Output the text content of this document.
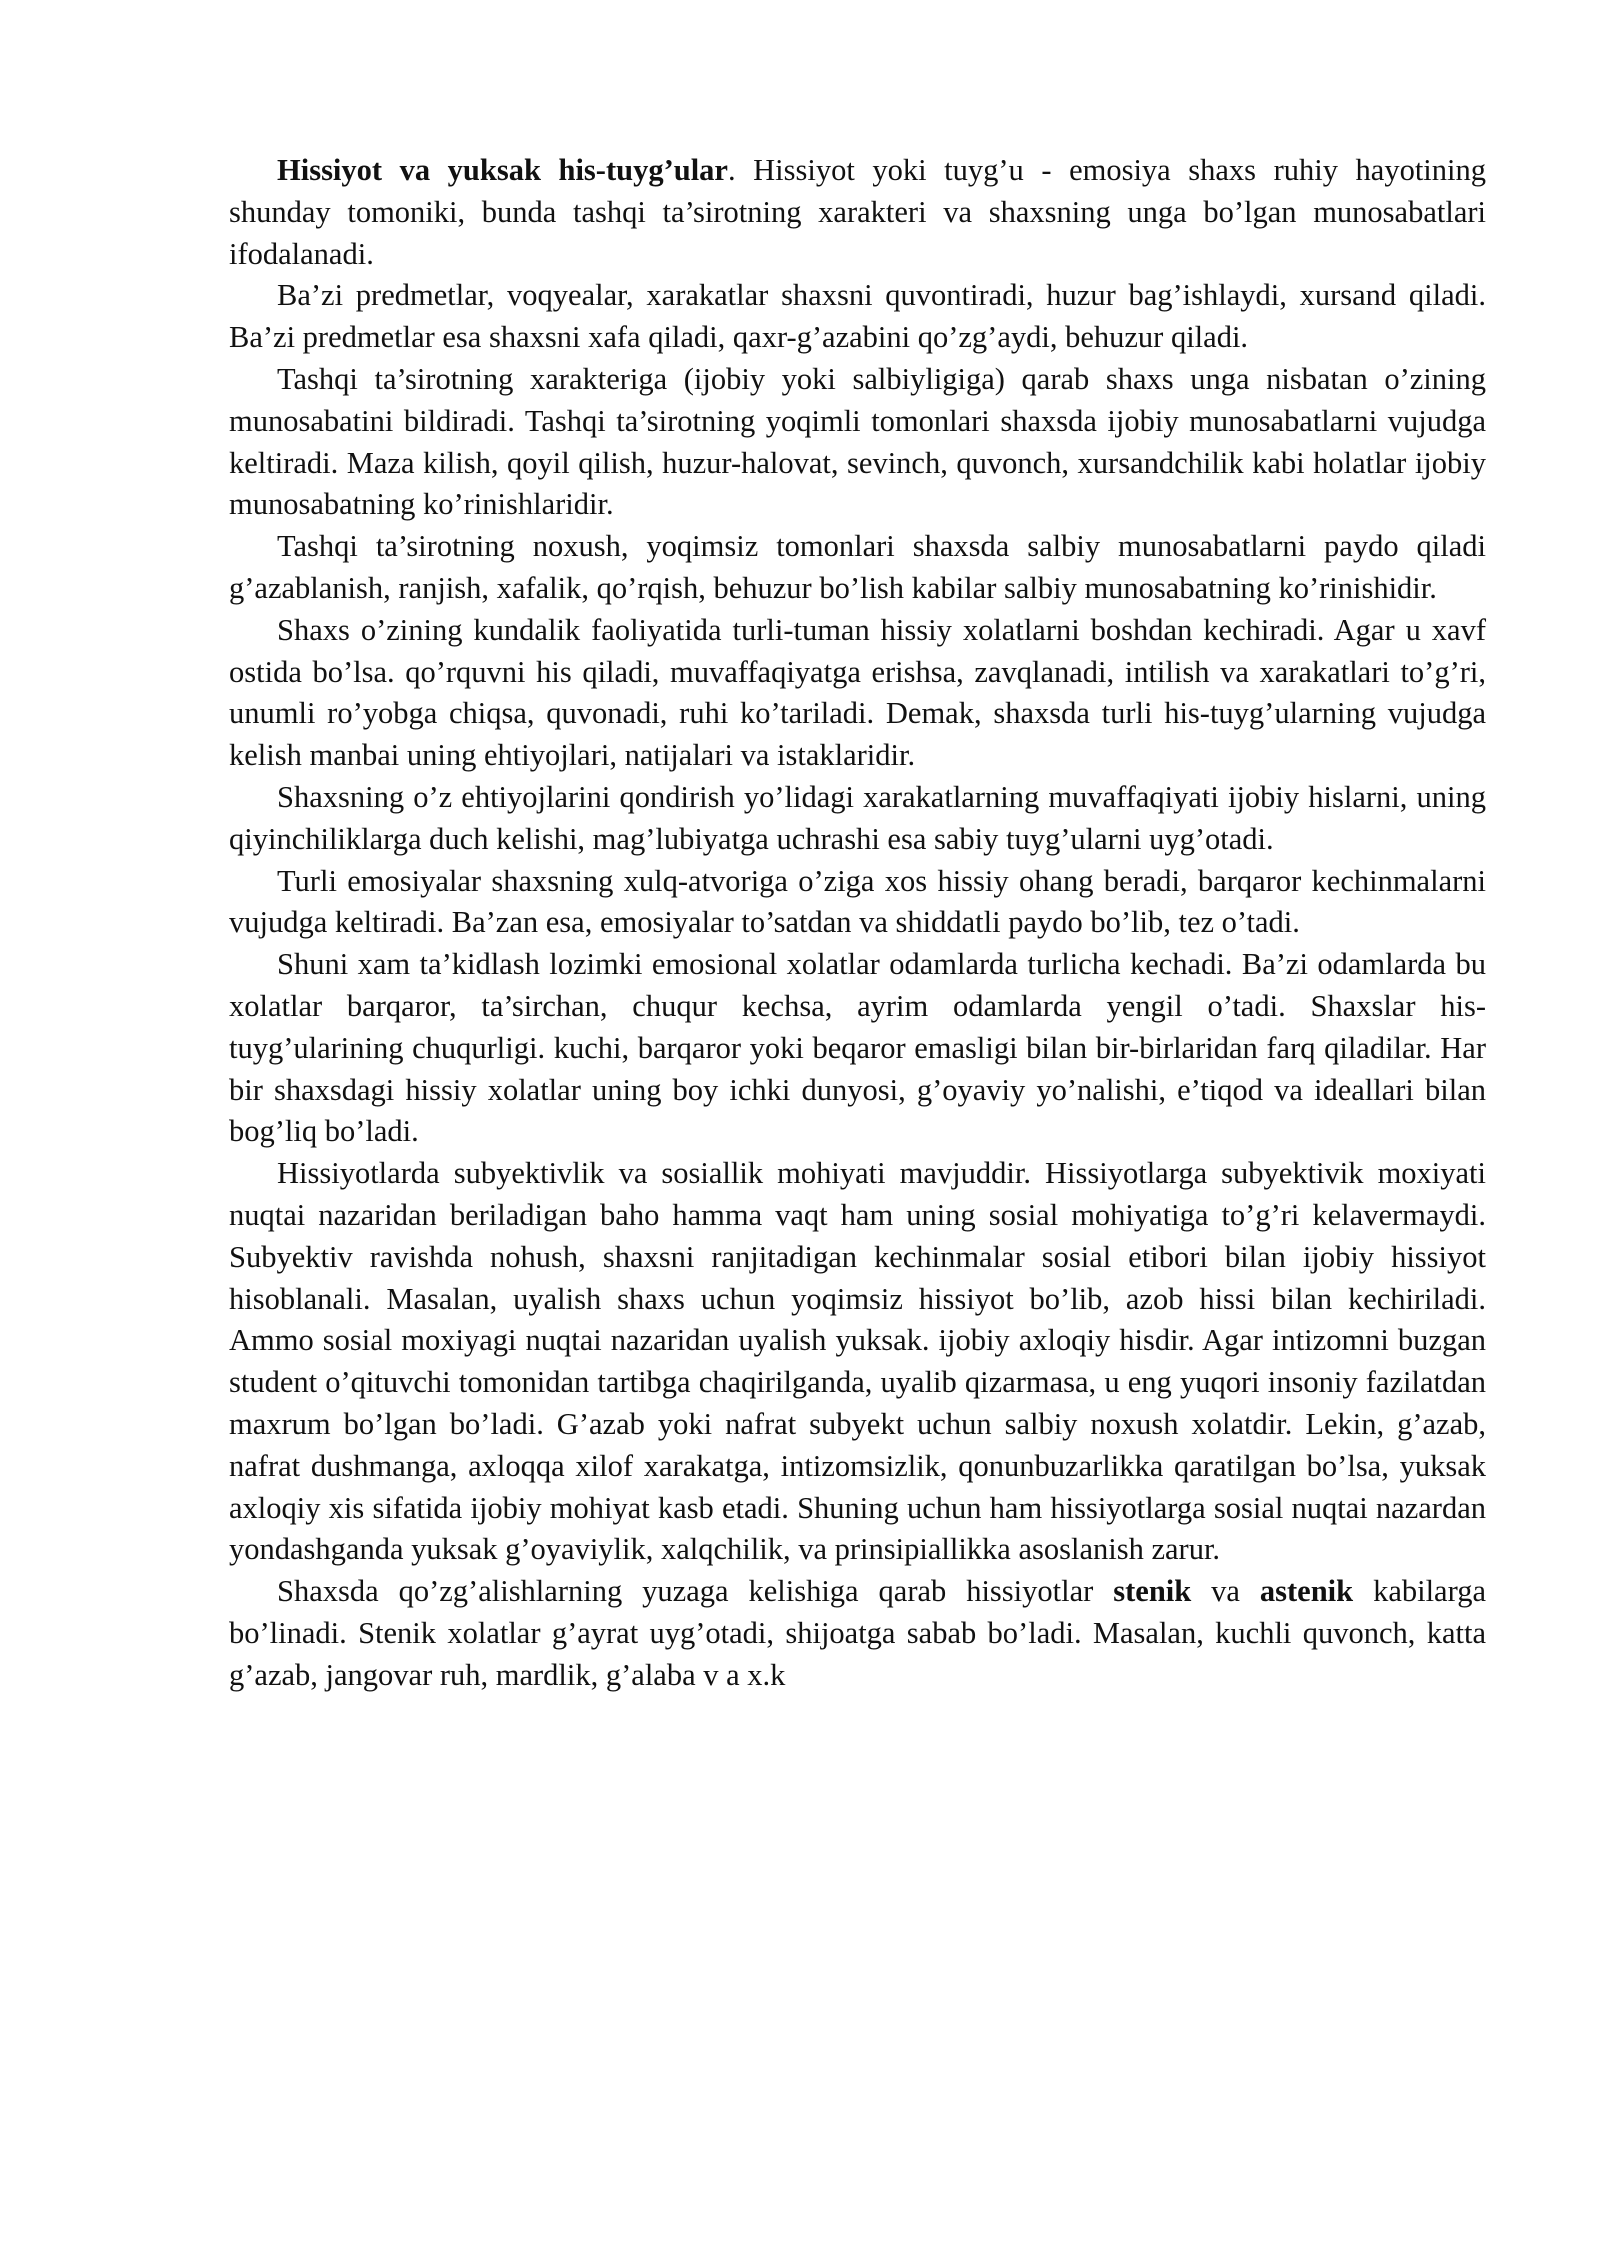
Hissiyot va yuksak his-tuyg’ular. Hissiyot yoki tuyg’u - emosiya shaxs ruhiy hayotining shunday tomoniki, bunda tashqi ta’sirotning xarakteri va shaxsning unga bo’lgan munosabatlari ifodalanadi.

Ba’zi predmetlar, voqyealar, xarakatlar shaxsni quvontiradi, huzur bag’ishlaydi, xursand qiladi. Ba’zi predmetlar esa shaxsni xafa qiladi, qaxr-g’azabini qo’zg’aydi, behuzur qiladi.

Tashqi ta’sirotning xarakteriga (ijobiy yoki salbiyligiga) qarab shaxs unga nisbatan o’zining munosabatini bildiradi. Tashqi ta’sirotning yoqimli tomonlari shaxsda ijobiy munosabatlarni vujudga keltiradi. Maza kilish, qoyil qilish, huzur-halovat, sevinch, quvonch, xursandchilik kabi holatlar ijobiy munosabatning ko’rinishlaridir.

Tashqi ta’sirotning noxush, yoqimsiz tomonlari shaxsda salbiy munosabatlarni paydo qiladi g’azablanish, ranjish, xafalik, qo’rqish, behuzur bo’lish kabilar salbiy munosabatning ko’rinishidir.

Shaxs o’zining kundalik faoliyatida turli-tuman hissiy xolatlarni boshdan kechiradi. Agar u xavf ostida bo’lsa. qo’rquvni his qiladi, muvaffaqiyatga erishsa, zavqlanadi, intilish va xarakatlari to’g’ri, unumli ro’yobga chiqsa, quvonadi, ruhi ko’tariladi. Demak, shaxsda turli his-tuyg’ularning vujudga kelish manbai uning ehtiyojlari, natijalari va istaklaridir.

Shaxsning o’z ehtiyojlarini qondirish yo’lidagi xarakatlarning muvaffaqiyati ijobiy hislarni, uning qiyinchiliklarga duch kelishi, mag’lubiyatga uchrashi esa sabiy tuyg’ularni uyg’otadi.

Turli emosiyalar shaxsning xulq-atvoriga o’ziga xos hissiy ohang beradi, barqaror kechinmalarni vujudga keltiradi. Ba’zan esa, emosiyalar to’satdan va shiddatli paydo bo’lib, tez o’tadi.

Shuni xam ta’kidlash lozimki emosional xolatlar odamlarda turlicha kechadi. Ba’zi odamlarda bu xolatlar barqaror, ta’sirchan, chuqur kechsa, ayrim odamlarda yengil o’tadi. Shaxslar his-tuyg’ularining chuqurligi. kuchi, barqaror yoki beqaror emasligi bilan bir-birlaridan farq qiladilar. Har bir shaxsdagi hissiy xolatlar uning boy ichki dunyosi, g’oyaviy yo’nalishi, e’tiqod va ideallari bilan bog’liq bo’ladi.

Hissiyotlarda subyektivlik va sosiallik mohiyati mavjuddir. Hissiyotlarga subyektivik moxiyati nuqtai nazaridan beriladigan baho hamma vaqt ham uning sosial mohiyatiga to’g’ri kelavermaydi. Subyektiv ravishda nohush, shaxsni ranjitadigan kechinmalar sosial etibori bilan ijobiy hissiyot hisoblanali. Masalan, uyalish shaxs uchun yoqimsiz hissiyot bo’lib, azob hissi bilan kechiriladi. Ammo sosial moxiyagi nuqtai nazaridan uyalish yuksak. ijobiy axloqiy hisdir. Agar intizomni buzgan student o’qituvchi tomonidan tartibga chaqirilganda, uyalib qizarmasa, u eng yuqori insoniy fazilatdan maxrum bo’lgan bo’ladi. G’azab yoki nafrat subyekt uchun salbiy noxush xolatdir. Lekin, g’azab, nafrat dushmanga, axloqqa xilof xarakatga, intizomsizlik, qonunbuzarlikka qaratilgan bo’lsa, yuksak axloqiy xis sifatida ijobiy mohiyat kasb etadi. Shuning uchun ham hissiyotlarga sosial nuqtai nazardan yondashganda yuksak g’oyaviylik, xalqchilik, va prinsipiallikka asoslanish zarur.

Shaxsda qo’zg’alishlarning yuzaga kelishiga qarab hissiyotlar stenik va astenik kabilarga bo’linadi. Stenik xolatlar g’ayrat uyg’otadi, shijoatga sabab bo’ladi. Masalan, kuchli quvonch, katta g’azab, jangovar ruh, mardlik, g’alaba v a x.k
